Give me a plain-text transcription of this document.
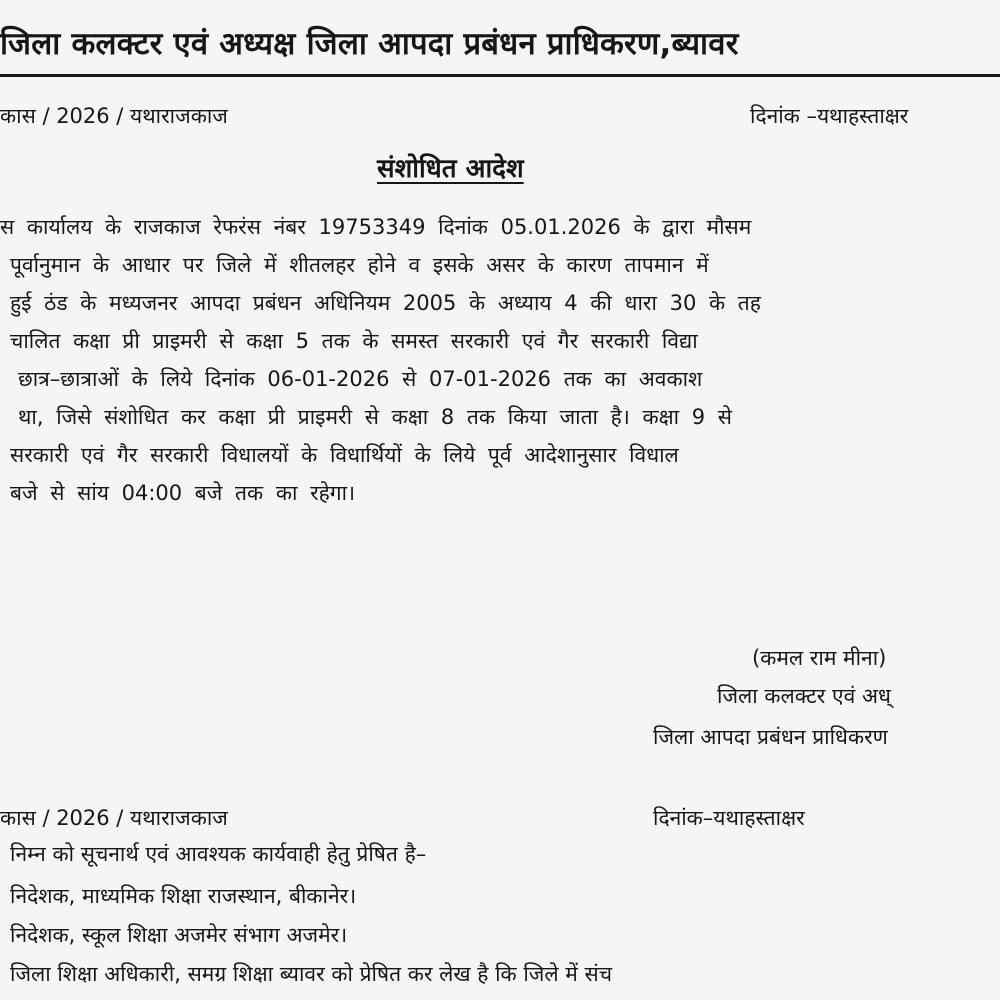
जिला कलक्टर एवं अध्यक्ष जिला आपदा प्रबंधन प्राधिकरण,ब्यावर
कास / 2026 / यथाराजकाज	दिनांक –यथाहस्ताक्षर
संशोधित आदेश
स कार्यालय के राजकाज रेफरंस नंबर 19753349 दिनांक 05.01.2026 के द्वारा मौसम
पूर्वानुमान के आधार पर जिले में शीतलहर होने व इसके असर के कारण तापमान में
हुई ठंड के मध्यजनर आपदा प्रबंधन अधिनियम 2005 के अध्याय 4 की धारा 30 के तह
चालित कक्षा प्री प्राइमरी से कक्षा 5 तक के समस्त सरकारी एवं गैर सरकारी विद्या
छात्र–छात्राओं के लिये दिनांक 06-01-2026 से 07-01-2026 तक का अवकाश
था, जिसे संशोधित कर कक्षा प्री प्राइमरी से कक्षा 8 तक किया जाता है। कक्षा 9 से
सरकारी एवं गैर सरकारी विधालयों के विधार्थियों के लिये पूर्व आदेशानुसार विधाल
बजे से सांय 04:00 बजे तक का रहेगा।
(कमल राम मीना)
जिला कलक्टर एवं अध्
जिला आपदा प्रबंधन प्राधिकरण
कास / 2026 / यथाराजकाज	दिनांक–यथाहस्ताक्षर
निम्न को सूचनार्थ एवं आवश्यक कार्यवाही हेतु प्रेषित है–
निदेशक, माध्यमिक शिक्षा राजस्थान, बीकानेर।
निदेशक, स्कूल शिक्षा अजमेर संभाग अजमेर।
जिला शिक्षा अधिकारी, समग्र शिक्षा ब्यावर को प्रेषित कर लेख है कि जिले में संच
